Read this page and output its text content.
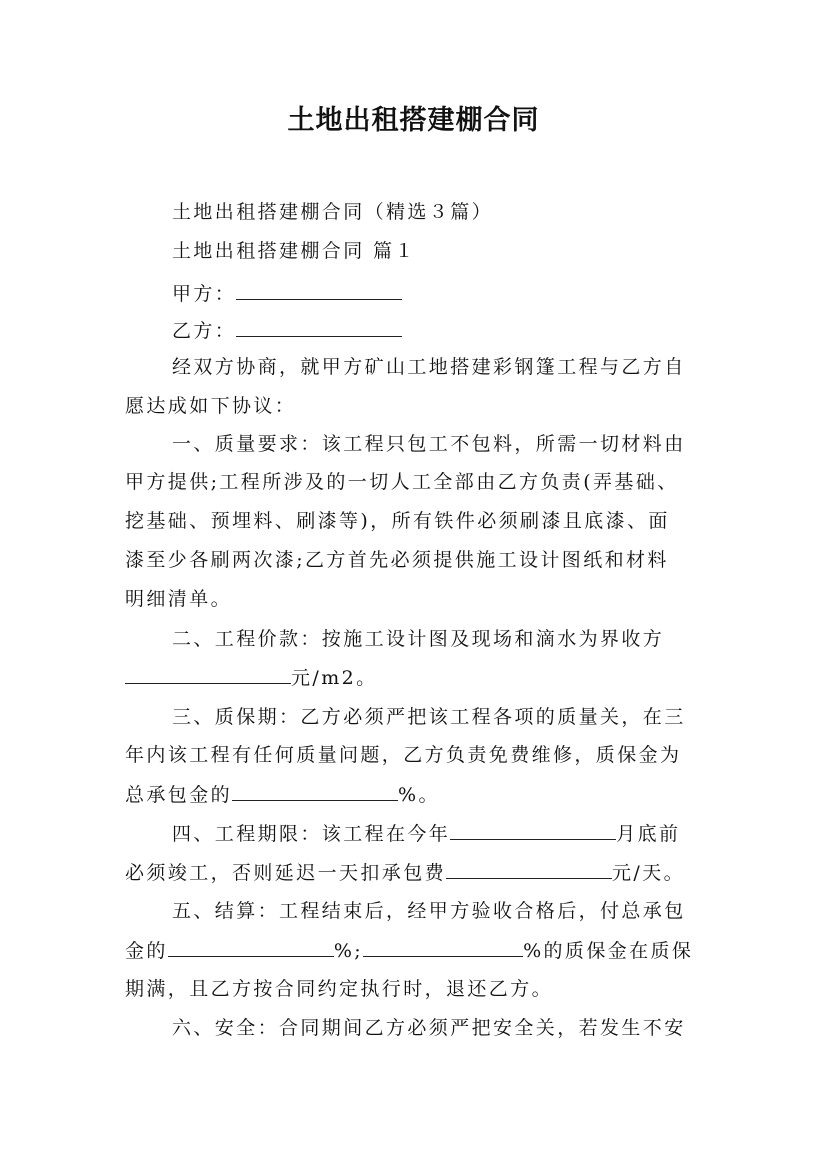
土地出租搭建棚合同
土地出租搭建棚合同（精选３篇）
土地出租搭建棚合同 篇１
甲方：
乙方：
经双方协商，就甲方矿山工地搭建彩钢篷工程与乙方自
愿达成如下协议：
一、质量要求：该工程只包工不包料，所需一切材料由
甲方提供;工程所涉及的一切人工全部由乙方负责(弄基础、
挖基础、预埋料、刷漆等)，所有铁件必须刷漆且底漆、面
漆至少各刷两次漆;乙方首先必须提供施工设计图纸和材料
明细清单。
二、工程价款：按施工设计图及现场和滴水为界收方
元/m2。
三、质保期：乙方必须严把该工程各项的质量关，在三
年内该工程有任何质量问题，乙方负责免费维修，质保金为
总承包金的	%。
四、工程期限：该工程在今年	月底前
必须竣工，否则延迟一天扣承包费	元/天。
五、结算：工程结束后，经甲方验收合格后，付总承包
金的	%;	%的质保金在质保
期满，且乙方按合同约定执行时，退还乙方。
六、安全：合同期间乙方必须严把安全关，若发生不安
